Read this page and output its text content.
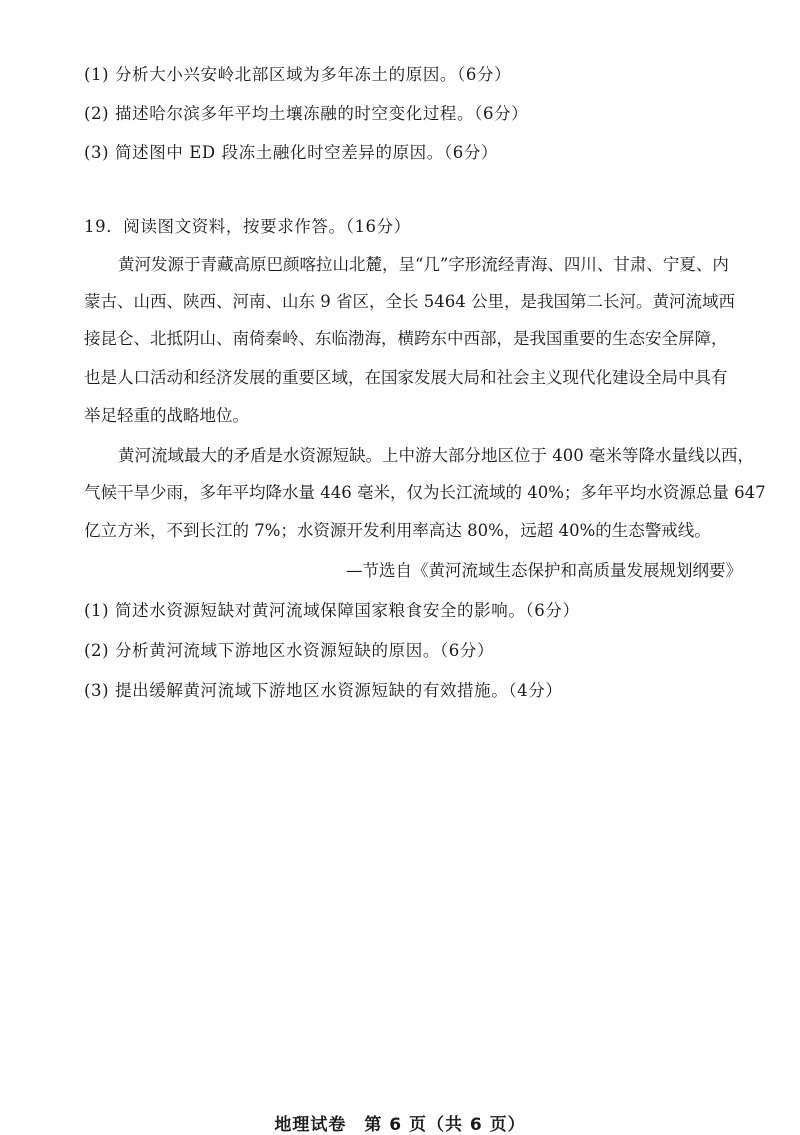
(1) 分析大小兴安岭北部区域为多年冻土的原因。（6分）
(2) 描述哈尔滨多年平均土壤冻融的时空变化过程。（6分）
(3) 简述图中 ED 段冻土融化时空差异的原因。（6分）
19．阅读图文资料，按要求作答。（16分）
黄河发源于青藏高原巴颜喀拉山北麓，呈“几”字形流经青海、四川、甘肃、宁夏、内
蒙古、山西、陕西、河南、山东 9 省区，全长 5464 公里，是我国第二长河。黄河流域西
接昆仑、北抵阴山、南倚秦岭、东临渤海，横跨东中西部，是我国重要的生态安全屏障，
也是人口活动和经济发展的重要区域，在国家发展大局和社会主义现代化建设全局中具有
举足轻重的战略地位。
黄河流域最大的矛盾是水资源短缺。上中游大部分地区位于 400 毫米等降水量线以西，
气候干旱少雨，多年平均降水量 446 毫米，仅为长江流域的 40%；多年平均水资源总量 647
亿立方米，不到长江的 7%；水资源开发利用率高达 80%，远超 40%的生态警戒线。
—节选自《黄河流域生态保护和高质量发展规划纲要》
(1) 简述水资源短缺对黄河流域保障国家粮食安全的影响。（6分）
(2) 分析黄河流域下游地区水资源短缺的原因。（6分）
(3) 提出缓解黄河流域下游地区水资源短缺的有效措施。（4分）
地理试卷　第 6 页（共 6 页）
